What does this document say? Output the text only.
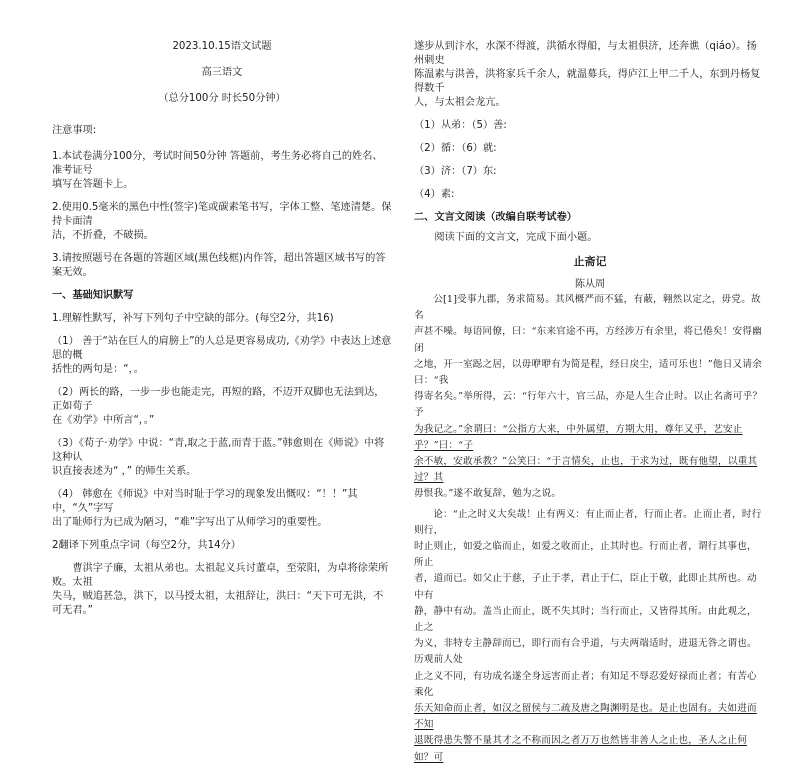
2023.10.15语文试题

高三语文

（总分100分 时长50分钟）

注意事项:

1.本试卷满分100分，考试时间50分钟 答题前，考生务必将自己的姓名、准考证号

填写在答题卡上。

2.使用0.5毫米的黑色中性(签字)笔或碳素笔书写，字体工整、笔迹清楚。保持卡面清

洁，不折叠，不破损。

3.请按照题号在各题的答题区域(黑色线框)内作答，超出答题区域书写的答案无效。

一、基础知识默写

1.理解性默写，补写下列句子中空缺的部分。(每空2分，共16)

（1） 善于“站在巨人的肩膀上”的人总是更容易成功,《劝学》中表达上述意思的概

括性的两句是：“，。

（2）两长的路，一步一步也能走完，再短的路，不迈开双脚也无法到达，正如荀子

在《劝学》中所言“，。”

（3）《荀子·劝学》中说：“青,取之于蓝,而青于蓝。”韩愈则在《师说》中将这种认

识直接表述为“ ，” 的师生关系。

（4） 韩愈在《师说》中对当时耻于学习的现象发出慨叹：“！！”其中，“久”字写

出了耻师行为已成为陋习，“难”字写出了从师学习的重要性。

2翻译下列重点字词（每空2分，共14分）

曹洪字子廉，太祖从弟也。太祖起义兵讨董卓，至荥阳，为卓将徐荣所败。太祖

失马，贼追甚急，洪下，以马授太祖，太祖辞让，洪曰：“天下可无洪，不可无君。”

遂步从到汴水，水深不得渡，洪循水得船，与太祖俱济，还奔谯（qiáo）。扬州刺史

陈温素与洪善，洪将家兵千余人，就温募兵，得庐江上甲二千人，东到丹杨复得数千

人，与太祖会龙亢。

（1）从弟：（5）善:

（2）循：（6）就:

（3）济：（7）东:

（4）素:

二、文言文阅读（改编自联考试卷）

阅读下面的文言文，完成下面小题。

止斋记

陈从周

公[1]受事九郡，务求简易。其风概严而不猛，有蔽，翱然以定之，毋党。故名

声甚不噪。每语同僚，曰：“东来官途不再，方经涉万有余里，将已倦矣！安得幽闭

之地，开一室跽之居，以毋咿咿有为简是程，经日戾尘，适可乐也！”他日又请余曰：“我

得寄名矣。”举所得，云：“行年六十，官三品，亦是人生合止时。以止名斋可乎？予

为我记之。”余谓曰：“公指方大来，中外属望，方期大用，尊年又乎，艺安止乎？”曰：“子

余不敏，安敢承教？”公笑曰：“于言情矣，止也，于求为过，既有他望，以重其过？其

毋恨我。”遂不敢复辞，勉为之说。

论：“止之时义大矣哉！止有两义：有止而止者，行而止者。止而止者，时行则行，

时止则止，如爱之临而止，如爱之收而止，止其时也。行而止者，谓行其事也，所止

者，道而已。如父止于慈，子止于孝，君止于仁，臣止于敬，此即止其所也。动中有

静，静中有动。盖当止而止，既不失其时；当行而止，又皆得其所。由此观之，止之

为义，非特专主静辞而已，即行而有合乎道，与夫两端适时，进退无咎之谓也。历观前人处

止之义不同，有功成名遂全身远害而止者；有知足不辱忍爱好禄而止者；有苦心乘化

乐天知命而止者，如汉之留侯与二疏及唐之陶渊明是也。是止也固有。夫如进而不知

退既得患失警不量其才之不称而因之者万万也然皆非善人之止也，圣人之止何如？可
